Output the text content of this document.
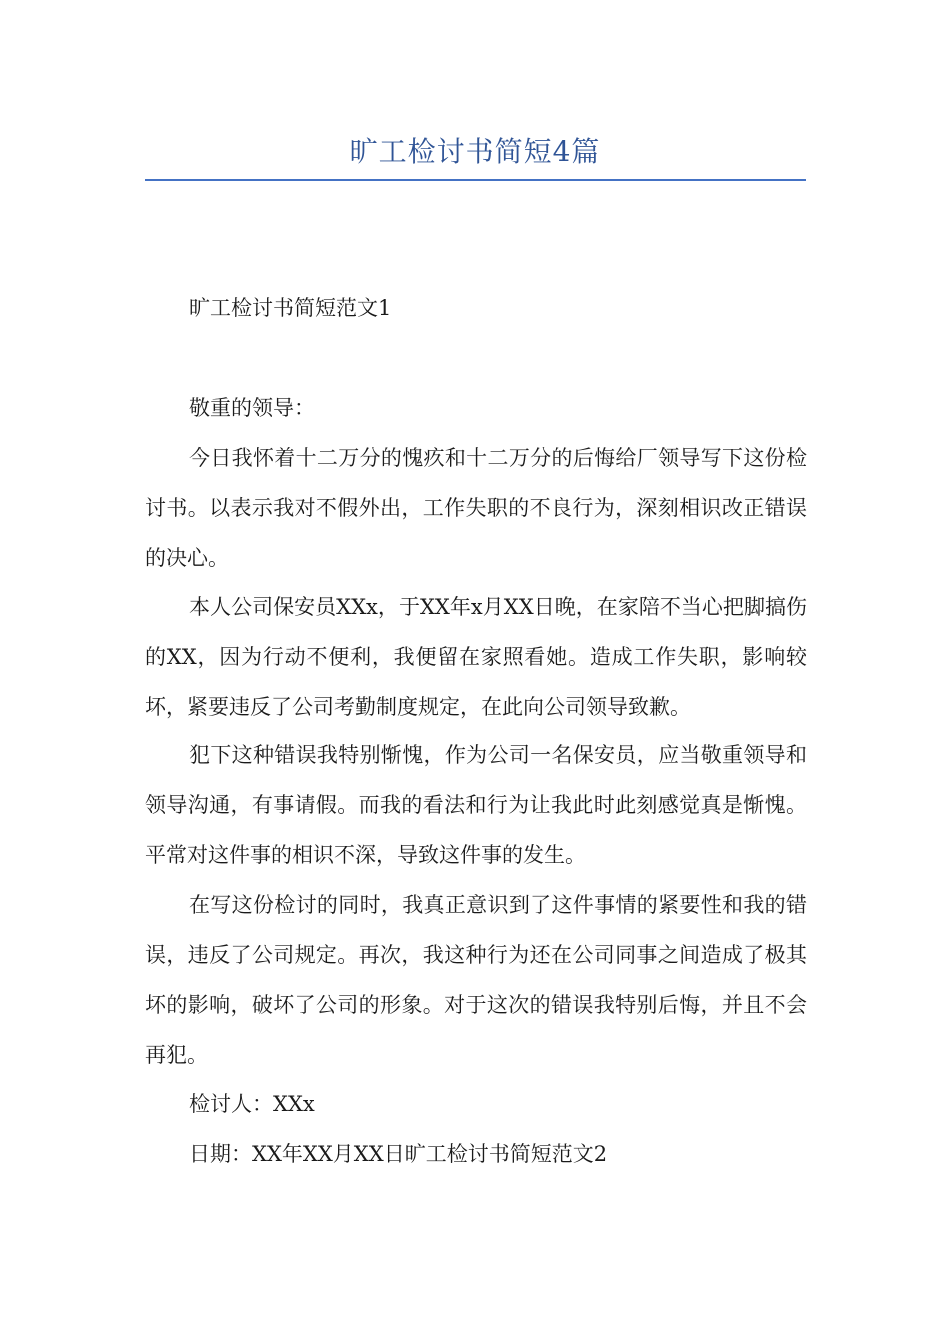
旷工检讨书简短4篇
旷工检讨书简短范文1
敬重的领导：

今日我怀着十二万分的愧疚和十二万分的后悔给厂领导写下这份检讨书。以表示我对不假外出，工作失职的不良行为，深刻相识改正错误的决心。

本人公司保安员XXx，于XX年x月XX日晚，在家陪不当心把脚搞伤的XX，因为行动不便利，我便留在家照看她。造成工作失职，影响较坏，紧要违反了公司考勤制度规定，在此向公司领导致歉。

犯下这种错误我特别惭愧，作为公司一名保安员，应当敬重领导和领导沟通，有事请假。而我的看法和行为让我此时此刻感觉真是惭愧。平常对这件事的相识不深，导致这件事的发生。

在写这份检讨的同时，我真正意识到了这件事情的紧要性和我的错误，违反了公司规定。再次，我这种行为还在公司同事之间造成了极其坏的影响，破坏了公司的形象。对于这次的错误我特别后悔，并且不会再犯。

检讨人：XXx
日期：XX年XX月XX日旷工检讨书简短范文2
